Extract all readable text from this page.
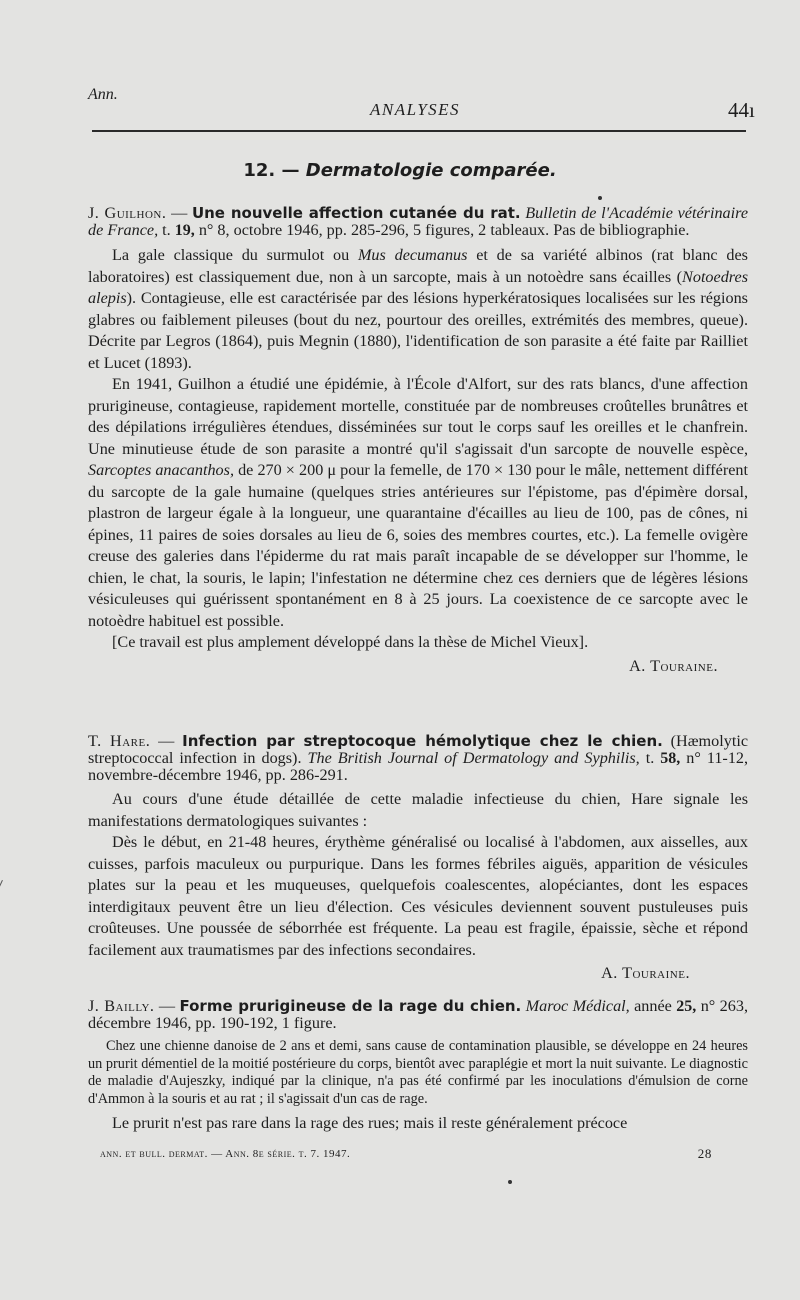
Ann.
ANALYSES	44ı
12. — Dermatologie comparée.

J. Guilhon. — Une nouvelle affection cutanée du rat. Bulletin de l'Académie vétérinaire de France, t. 19, n° 8, octobre 1946, pp. 285-296, 5 figures, 2 tableaux. Pas de bibliographie.

La gale classique du surmulot ou Mus decumanus et de sa variété albinos (rat blanc des laboratoires) est classiquement due, non à un sarcopte, mais à un notoèdre sans écailles (Notoedres alepis). Contagieuse, elle est caractérisée par des lésions hyperkératosiques localisées sur les régions glabres ou faiblement pileuses (bout du nez, pourtour des oreilles, extrémités des membres, queue). Décrite par Legros (1864), puis Megnin (1880), l'identification de son parasite a été faite par Railliet et Lucet (1893).

En 1941, Guilhon a étudié une épidémie, à l'École d'Alfort, sur des rats blancs, d'une affection prurigineuse, contagieuse, rapidement mortelle, constituée par de nombreuses croûtelles brunâtres et des dépilations irrégulières étendues, disséminées sur tout le corps sauf les oreilles et le chanfrein. Une minutieuse étude de son parasite a montré qu'il s'agissait d'un sarcopte de nouvelle espèce, Sarcoptes anacanthos, de 270 × 200 μ pour la femelle, de 170 × 130 pour le mâle, nettement différent du sarcopte de la gale humaine (quelques stries antérieures sur l'épistome, pas d'épimère dorsal, plastron de largeur égale à la longueur, une quarantaine d'écailles au lieu de 100, pas de cônes, ni épines, 11 paires de soies dorsales au lieu de 6, soies des membres courtes, etc.). La femelle ovigère creuse des galeries dans l'épiderme du rat mais paraît incapable de se développer sur l'homme, le chien, le chat, la souris, le lapin; l'infestation ne détermine chez ces derniers que de légères lésions vésiculeuses qui guérissent spontanément en 8 à 25 jours. La coexistence de ce sarcopte avec le notoèdre habituel est possible.

[Ce travail est plus amplement développé dans la thèse de Michel Vieux].

A. Touraine.

T. Hare. — Infection par streptocoque hémolytique chez le chien. (Hæmolytic streptococcal infection in dogs). The British Journal of Dermatology and Syphilis, t. 58, n° 11-12, novembre-décembre 1946, pp. 286-291.

Au cours d'une étude détaillée de cette maladie infectieuse du chien, Hare signale les manifestations dermatologiques suivantes :

Dès le début, en 21-48 heures, érythème généralisé ou localisé à l'abdomen, aux aisselles, aux cuisses, parfois maculeux ou purpurique. Dans les formes fébriles aiguës, apparition de vésicules plates sur la peau et les muqueuses, quelquefois coalescentes, alopéciantes, dont les espaces interdigitaux peuvent être un lieu d'élection. Ces vésicules deviennent souvent pustuleuses puis croûteuses. Une poussée de séborrhée est fréquente. La peau est fragile, épaissie, sèche et répond facilement aux traumatismes par des infections secondaires.

A. Touraine.

J. Bailly. — Forme prurigineuse de la rage du chien. Maroc Médical, année 25, n° 263, décembre 1946, pp. 190-192, 1 figure.

Chez une chienne danoise de 2 ans et demi, sans cause de contamination plausible, se développe en 24 heures un prurit démentiel de la moitié postérieure du corps, bientôt avec paraplégie et mort la nuit suivante. Le diagnostic de maladie d'Aujeszky, indiqué par la clinique, n'a pas été confirmé par les inoculations d'émulsion de corne d'Ammon à la souris et au rat ; il s'agissait d'un cas de rage.

Le prurit n'est pas rare dans la rage des rues; mais il reste généralement précoce

ann. et bull. dermat. — Ann. 8e série. t. 7. 1947.	28
